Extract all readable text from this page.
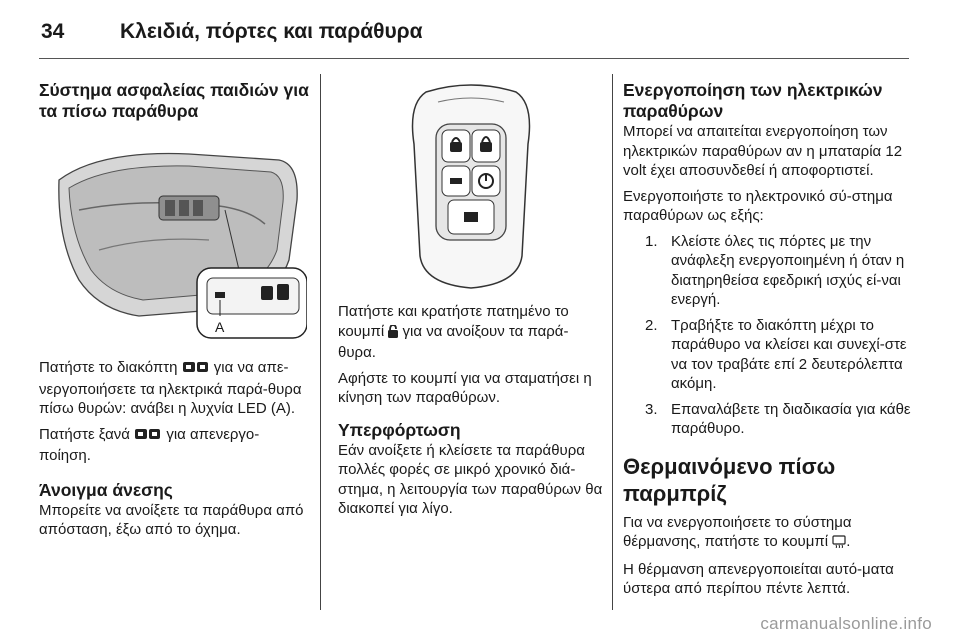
34	Κλειδιά, πόρτες και παράθυρα
Σύστημα ασφαλείας παιδιών για τα πίσω παράθυρα
A

Πατήστε το διακόπτη για να απε-νεργοποιήσετε τα ηλεκτρικά παρά-θυρα πίσω θυρών: ανάβει η λυχνία LED (A).

Πατήστε ξανά για απενεργο-ποίηση.

Άνοιγμα άνεσης

Μπορείτε να ανοίξετε τα παράθυρα από απόσταση, έξω από το όχημα.

Πατήστε και κρατήστε πατημένο το κουμπί για να ανοίξουν τα παρά-θυρα.

Αφήστε το κουμπί για να σταματήσει η κίνηση των παραθύρων.

Υπερφόρτωση

Εάν ανοίξετε ή κλείσετε τα παράθυρα πολλές φορές σε μικρό χρονικό διά-στημα, η λειτουργία των παραθύρων θα διακοπεί για λίγο.

Ενεργοποίηση των ηλεκτρικών παραθύρων

Μπορεί να απαιτείται ενεργοποίηση των ηλεκτρικών παραθύρων αν η μπαταρία 12 volt έχει αποσυνδεθεί ή αποφορτιστεί.

Ενεργοποιήστε το ηλεκτρονικό σύ-στημα παραθύρων ως εξής:

1. Κλείστε όλες τις πόρτες με την ανάφλεξη ενεργοποιημένη ή όταν η διατηρηθείσα εφεδρική ισχύς εί-ναι ενεργή.
2. Τραβήξτε το διακόπτη μέχρι το παράθυρο να κλείσει και συνεχί-στε να τον τραβάτε επί 2 δευτερόλεπτα ακόμη.
3. Επαναλάβετε τη διαδικασία για κάθε παράθυρο.
Θερμαινόμενο πίσω παρμπρίζ

Για να ενεργοποιήσετε το σύστημα θέρμανσης, πατήστε το κουμπί .

Η θέρμανση απενεργοποιείται αυτό-ματα ύστερα από περίπου πέντε λεπτά.

carmanualsonline.info
